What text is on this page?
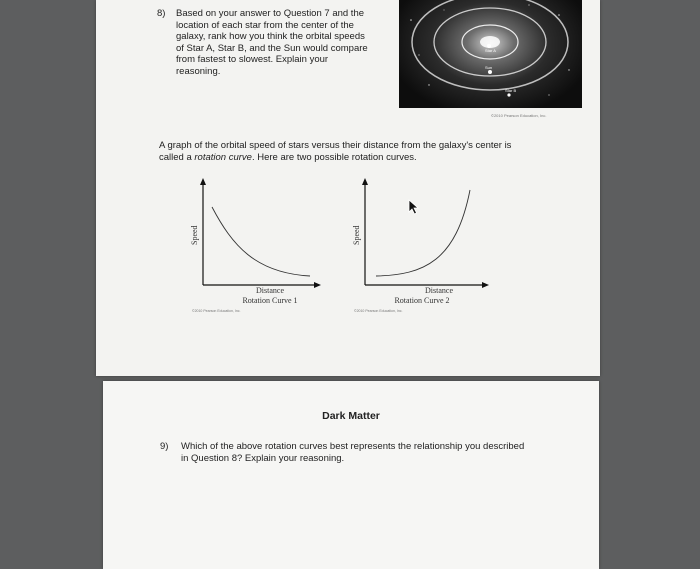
8) Based on your answer to Question 7 and the
location of each star from the center of the
galaxy, rank how you think the orbital speeds
of Star A, Star B, and the Sun would compare
from fastest to slowest. Explain your
reasoning.
Star A
Sun
Star B
©2010 Pearson Education, Inc.
A graph of the orbital speed of stars versus their distance from the galaxy's center is
called a rotation curve. Here are two possible rotation curves.
Speed
Distance
Rotation Curve 1
©2010 Pearson Education, Inc.
Speed
Distance
Rotation Curve 2
©2010 Pearson Education, Inc.
Dark Matter
9) Which of the above rotation curves best represents the relationship you described
in Question 8? Explain your reasoning.
